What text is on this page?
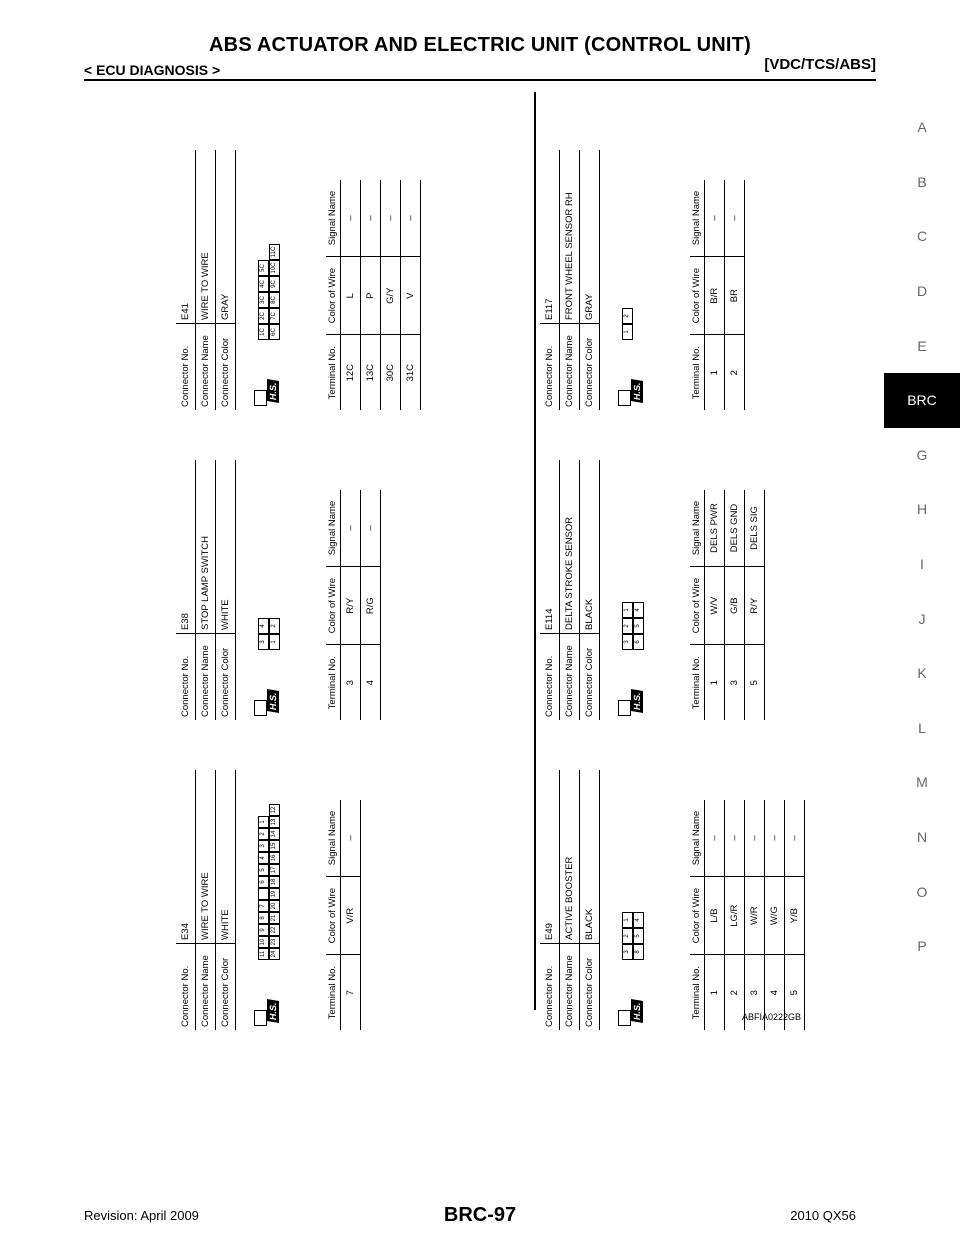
ABS ACTUATOR AND ELECTRIC UNIT (CONTROL UNIT)
< ECU DIAGNOSIS >	[VDC/TCS/ABS]
A
B
C
D
E
BRC
G
H
I
J
K
L
M
N
O
P
Connector No.	E34
Connector Name	WIRE TO WIRE
Connector Color	WHITE
H.S.
11
10
9
8
7
6
5
4
3
2
1
24
23
22
21
20
19
18
17
16
15
14
13
12
Terminal No.	Color of Wire	Signal Name
7	V/R	–
Connector No.	E38
Connector Name	STOP LAMP SWITCH
Connector Color	WHITE
H.S.
3
4
1
2
Terminal No.	Color of Wire	Signal Name
3	R/Y	–
4	R/G	–
Connector No.	E41
Connector Name	WIRE TO WIRE
Connector Color	GRAY
H.S.
1C
2C
3C
4C
5C
6C
7C
8C
9C
10C
11C
Terminal No.	Color of Wire	Signal Name
12C	L	–
13C	P	–
30C	G/Y	–
31C	V	–
Connector No.	E49
Connector Name	ACTIVE BOOSTER
Connector Color	BLACK
H.S.
3
2
1
8
5
4
Terminal No.	Color of Wire	Signal Name
1	L/B	–
2	LG/R	–
3	W/R	–
4	W/G	–
5	Y/B	–
Connector No.	E114
Connector Name	DELTA STROKE SENSOR
Connector Color	BLACK
H.S.
3
2
1
6
5
4
Terminal No.	Color of Wire	Signal Name
1	W/V	DELS PWR
3	G/B	DELS GND
5	R/Y	DELS SIG
Connector No.	E117
Connector Name	FRONT WHEEL SENSOR RH
Connector Color	GRAY
H.S.
1
2
Terminal No.	Color of Wire	Signal Name
1	B/R	–
2	BR	–
ABFIA0222GB
Revision: April 2009	BRC-97	2010 QX56
